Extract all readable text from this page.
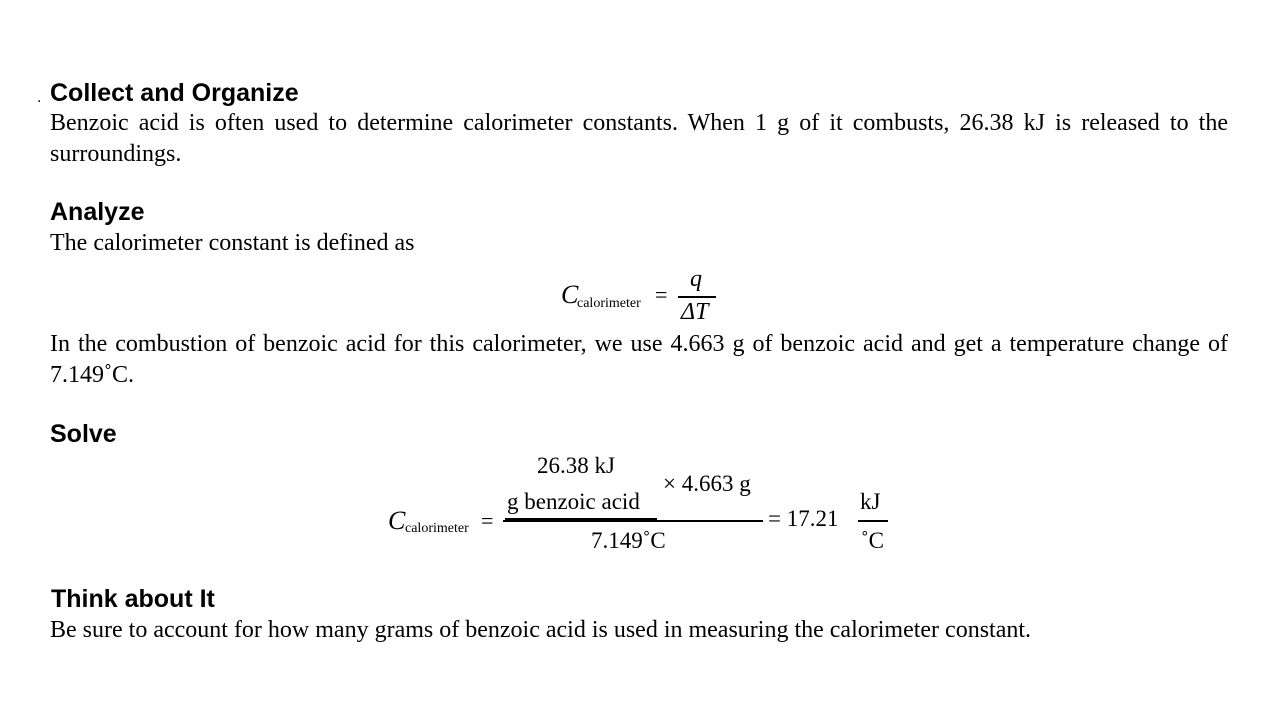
. Collect and Organize

Benzoic acid is often used to determine calorimeter constants. When 1 g of it combusts, 26.38 kJ is released to the surroundings.

Analyze

The calorimeter constant is defined as

C
calorimeter =
q
ΔT

In the combustion of benzoic acid for this calorimeter, we use 4.663 g of benzoic acid and get a temperature change of 7.149˚C.

Solve
C calorimeter =
26.38 kJ
g benzoic acid
× 4.663 g
7.149˚C
= 17.21
kJ
˚C
Think about It

Be sure to account for how many grams of benzoic acid is used in measuring the calorimeter constant.
